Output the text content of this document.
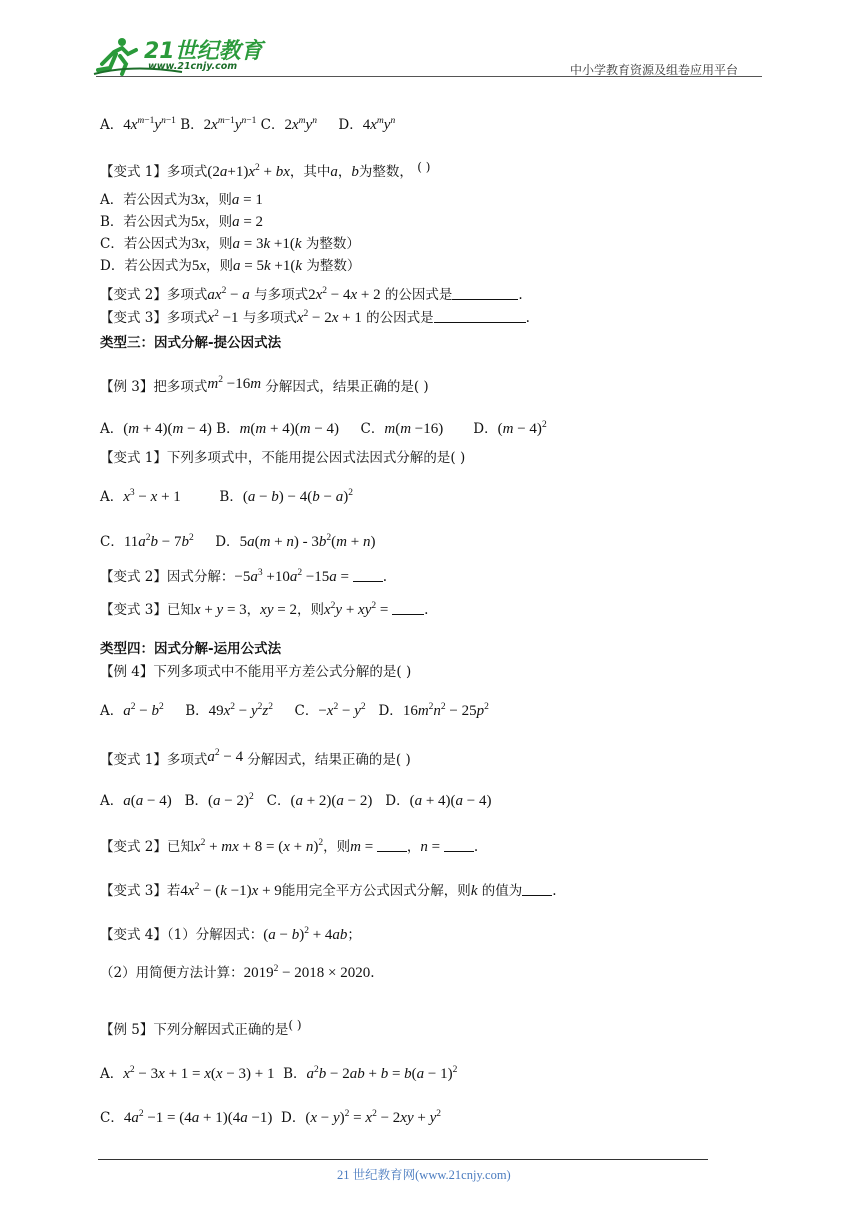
21世纪教育
www.21cnjy.com	中小学教育资源及组卷应用平台
A．$4x^{m-1}y^{n-1}$ B．$2x^{m-1}y^{n-1}$ C．$2x^my^n$ D．$4x^my^n$
【变式 1】多项式$(2a+1)x^2$ + bx，其中a，b为整数， ( )
A．若公因式为3x，则a = 1
B．若公因式为5x，则a = 2
C．若公因式为3x，则a = 3k +1(k 为整数）
D．若公因式为5x，则a = 5k +1(k 为整数）
【变式 2】多项式$ax^2 - a$ 与多项式$2x^2 - 4x + 2$ 的公因式是	.
【变式 3】多项式$x^2 -1$ 与多项式$x^2 - 2x + 1$ 的公因式是	.
类型三：因式分解-提公因式法
【例 3】把多项式$m^2 -16m$ 分解因式，结果正确的是( )
A．(m + 4)(m − 4) B．m(m + 4)(m − 4) C．m(m −16) D．$(m - 4)^2$
【变式 1】下列多项式中，不能用提公因式法因式分解的是( )
A．$x^3 - x + 1$	B．$(a - b) - 4(b - a)^2$
C．$11a^2b - 7b^2$ D．$5a(m + n) - 3b^2(m + n)$
【变式 2】因式分解：$-5a^3 +10a^2 -15a$ = .
【变式 3】已知x + y = 3，xy = 2，则$x^2y + xy^2$ = .
类型四：因式分解-运用公式法
【例 4】下列多项式中不能用平方差公式分解的是( )
A．$a^2 - b^2$ B．$49x^2 - y^2z^2$ C．$-x^2 - y^2$ D．$16m^2n^2 - 25p^2$
【变式 1】多项式$a^2 - 4$ 分解因式，结果正确的是( )
A．a(a − 4) B．$(a - 2)^2$ C．(a + 2)(a − 2) D．(a + 4)(a − 4)
【变式 2】已知$x^2$ + mx + $8 = (x + n)^2$，则m = ，n = .
【变式 3】若$4x^2 - (k -1)x + 9$能用完全平方公式因式分解，则k 的值为 .
【变式 4】（1）分解因式：$(a - b)^2 + 4ab$；
（2）用简便方法计算：$2019^2 - 2018 \times 2020$.
【例 5】下列分解因式正确的是( )
A．$x^2 - 3x + 1 = x(x - 3) + 1$ B．$a^2b - 2ab + b = b(a - 1)^2$
C．$4a^2 -1 = (4a + 1)(4a -1)$ D．$(x - y)^2 = x^2 - 2xy + y^2$
21 世纪教育网(www.21cnjy.com)
